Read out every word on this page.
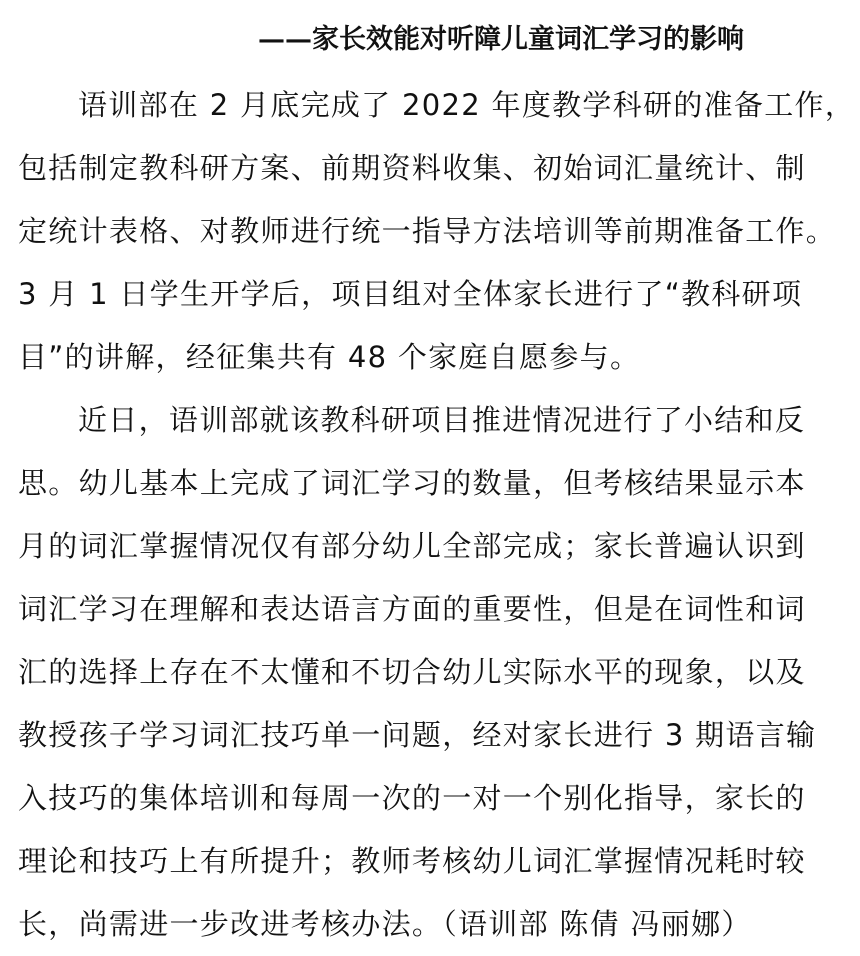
——家长效能对听障儿童词汇学习的影响

语训部在 2 月底完成了 2022 年度教学科研的准备工作，
包括制定教科研方案、前期资料收集、初始词汇量统计、制
定统计表格、对教师进行统一指导方法培训等前期准备工作。
3 月 1 日学生开学后，项目组对全体家长进行了“教科研项
目”的讲解，经征集共有 48 个家庭自愿参与。

近日，语训部就该教科研项目推进情况进行了小结和反
思。幼儿基本上完成了词汇学习的数量，但考核结果显示本
月的词汇掌握情况仅有部分幼儿全部完成；家长普遍认识到
词汇学习在理解和表达语言方面的重要性，但是在词性和词
汇的选择上存在不太懂和不切合幼儿实际水平的现象，以及
教授孩子学习词汇技巧单一问题，经对家长进行 3 期语言输
入技巧的集体培训和每周一次的一对一个别化指导，家长的
理论和技巧上有所提升；教师考核幼儿词汇掌握情况耗时较
长，尚需进一步改进考核办法。（语训部 陈倩 冯丽娜）
